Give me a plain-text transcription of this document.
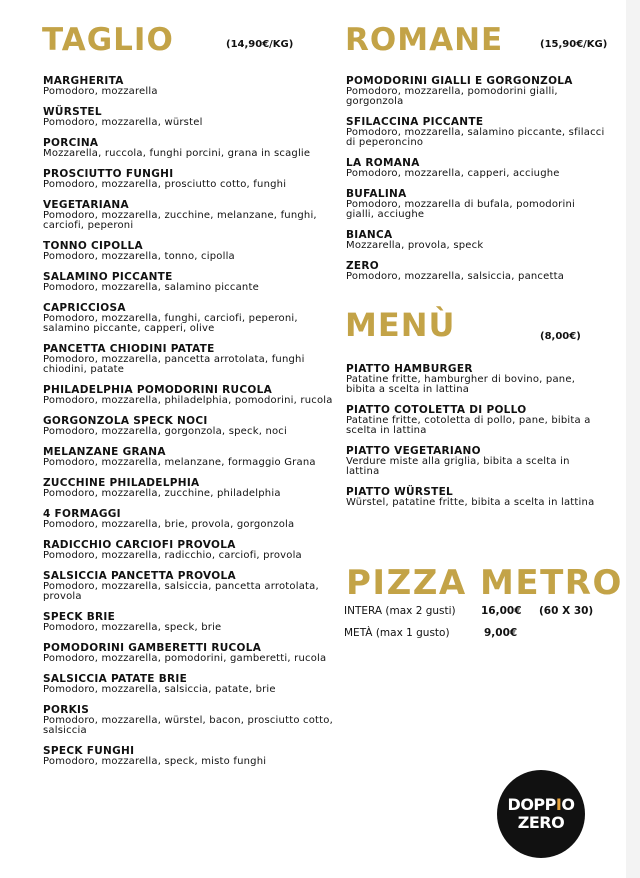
TAGLIO	(14,90€/KG)
MARGHERITA
Pomodoro, mozzarella
WÜRSTEL
Pomodoro, mozzarella, würstel
PORCINA
Mozzarella, ruccola, funghi porcini, grana in scaglie
PROSCIUTTO FUNGHI
Pomodoro, mozzarella, prosciutto cotto, funghi
VEGETARIANA
Pomodoro, mozzarella, zucchine, melanzane, funghi, carciofi, peperoni
TONNO CIPOLLA
Pomodoro, mozzarella, tonno, cipolla
SALAMINO PICCANTE
Pomodoro, mozzarella, salamino piccante
CAPRICCIOSA
Pomodoro, mozzarella, funghi, carciofi, peperoni, salamino piccante, capperi, olive
PANCETTA CHIODINI PATATE
Pomodoro, mozzarella, pancetta arrotolata, funghi chiodini, patate
PHILADELPHIA POMODORINI RUCOLA
Pomodoro, mozzarella, philadelphia, pomodorini, rucola
GORGONZOLA SPECK NOCI
Pomodoro, mozzarella, gorgonzola, speck, noci
MELANZANE GRANA
Pomodoro, mozzarella, melanzane, formaggio Grana
ZUCCHINE PHILADELPHIA
Pomodoro, mozzarella, zucchine, philadelphia
4 FORMAGGI
Pomodoro, mozzarella, brie, provola, gorgonzola
RADICCHIO CARCIOFI PROVOLA
Pomodoro, mozzarella, radicchio, carciofi, provola
SALSICCIA PANCETTA PROVOLA
Pomodoro, mozzarella, salsiccia, pancetta arrotolata, provola
SPECK BRIE
Pomodoro, mozzarella, speck, brie
POMODORINI GAMBERETTI RUCOLA
Pomodoro, mozzarella, pomodorini, gamberetti, rucola
SALSICCIA PATATE BRIE
Pomodoro, mozzarella, salsiccia, patate, brie
PORKIS
Pomodoro, mozzarella, würstel, bacon, prosciutto cotto, salsiccia
SPECK FUNGHI
Pomodoro, mozzarella, speck, misto funghi
ROMANE	(15,90€/KG)
POMODORINI GIALLI E GORGONZOLA
Pomodoro, mozzarella, pomodorini gialli, gorgonzola
SFILACCINA PICCANTE
Pomodoro, mozzarella, salamino piccante, sfilacci di peperoncino
LA ROMANA
Pomodoro, mozzarella, capperi, acciughe
BUFALINA
Pomodoro, mozzarella di bufala, pomodorini gialli, acciughe
BIANCA
Mozzarella, provola, speck
ZERO
Pomodoro, mozzarella, salsiccia, pancetta
MENÙ	(8,00€)
PIATTO HAMBURGER
Patatine fritte, hamburgher di bovino, pane, bibita a scelta in lattina
PIATTO COTOLETTA DI POLLO
Patatine fritte, cotoletta di pollo, pane, bibita a scelta in lattina
PIATTO VEGETARIANO
Verdure miste alla griglia, bibita a scelta in lattina
PIATTO WÜRSTEL
Würstel, patatine fritte, bibita a scelta in lattina
PIZZA METRO
INTERA (max 2 gusti) 16,00€ (60 X 30)
METÀ (max 1 gusto)	9,00€
DOPPIO
ZERO
